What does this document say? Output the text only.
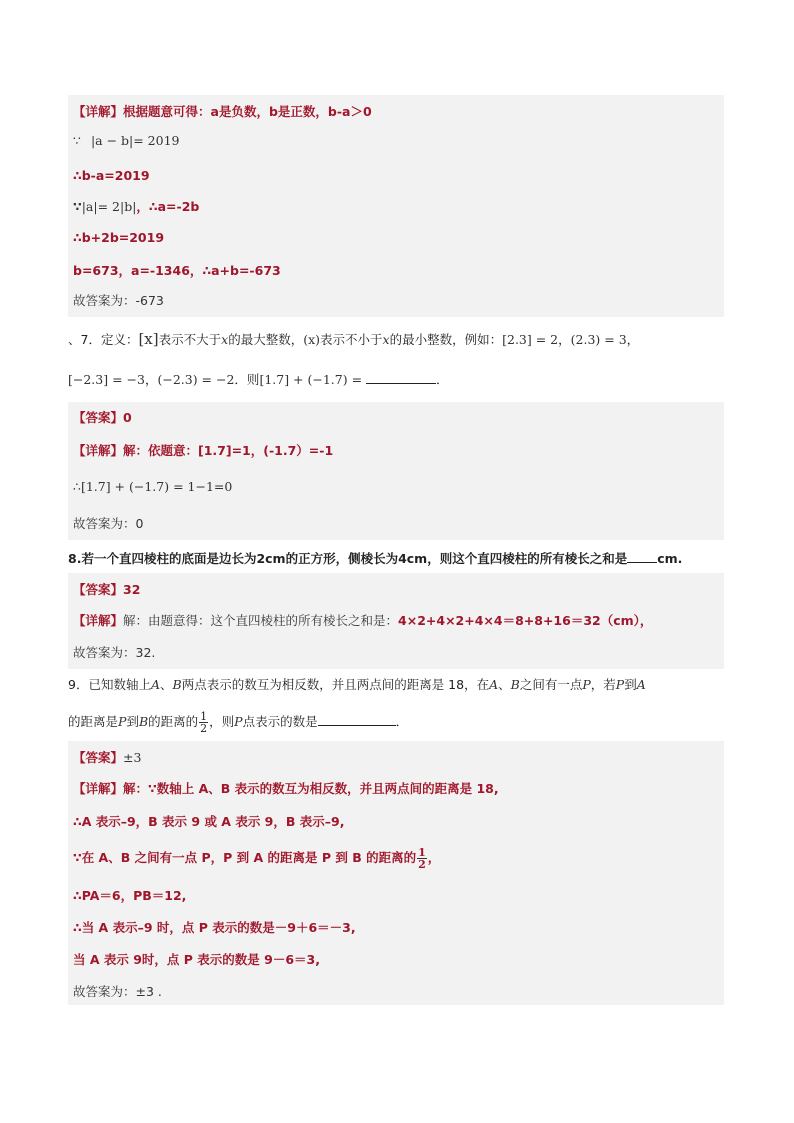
【详解】根据题意可得：a是负数，b是正数，b-a＞0
∵ |a − b|= 2019
∴b-a=2019
∵|a|= 2|b|，∴a=-2b
∴b+2b=2019
b=673，a=-1346，∴a+b=-673
故答案为：-673
、7．定义：[x]表示不大于x的最大整数，(x)表示不小于x的最小整数，例如：[2.3] = 2，(2.3) = 3，
[−2.3] = −3，(−2.3) = −2．则[1.7] + (−1.7) =	．
【答案】0
【详解】解：依题意：[1.7]=1，(-1.7）=-1
∴[1.7] + (−1.7) = 1−1=0
故答案为：0
8.若一个直四棱柱的底面是边长为2cm的正方形，侧棱长为4cm，则这个直四棱柱的所有棱长之和是 cm.
【答案】32
【详解】解：由题意得：这个直四棱柱的所有棱长之和是：4×2+4×2+4×4＝8+8+16＝32（cm），
故答案为：32.
9．已知数轴上A、B两点表示的数互为相反数，并且两点间的距离是 18，在A、B之间有一点P，若P到A
的距离是P到B的距离的 $\frac{1}{2}$ ，则P点表示的数是	．
【答案】±3
【详解】解：∵数轴上 A、B 表示的数互为相反数，并且两点间的距离是 18,
∴A 表示–9，B 表示 9 或 A 表示 9，B 表示–9,
∵在 A、B 之间有一点 P，P 到 A 的距离是 P 到 B 的距离的 $\frac{1}{2}$ ，
∴PA＝6，PB＝12,
∴当 A 表示–9 时，点 P 表示的数是－9＋6＝－3,
当 A 表示 9时，点 P 表示的数是 9－6＝3,
故答案为：±3 .
